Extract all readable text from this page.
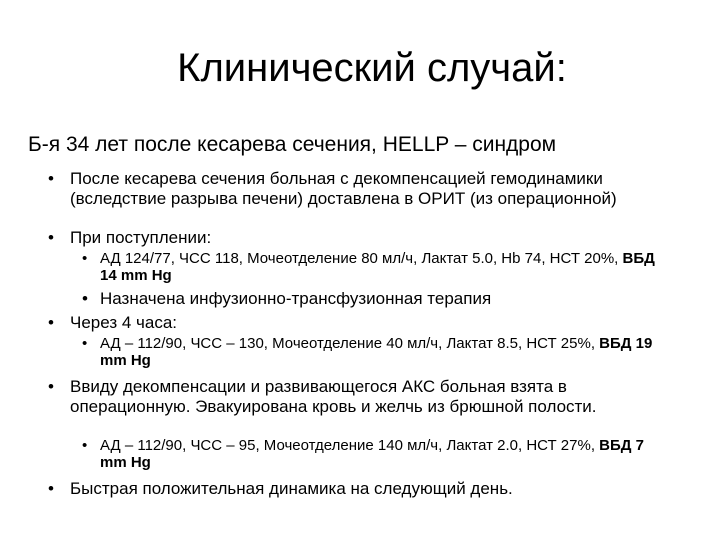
Клинический случай:
Б-я 34 лет после кесарева сечения, HELLP – синдром
• После кесарева сечения больная с декомпенсацией гемодинамики (вследствие разрыва печени) доставлена в ОРИТ (из операционной)
• При поступлении:
• АД 124/77, ЧСС 118, Мочеотделение 80 мл/ч, Лактат 5.0, Hb 74, НСТ 20%, ВБД 14 mm Hg
• Назначена инфузионно-трансфузионная терапия
• Через 4 часа:
• АД – 112/90, ЧСС – 130, Мочеотделение 40 мл/ч, Лактат 8.5, НСТ 25%, ВБД 19 mm Hg
• Ввиду декомпенсации и развивающегося АКС больная взята в операционную. Эвакуирована кровь и желчь из брюшной полости.
• АД – 112/90, ЧСС – 95, Мочеотделение 140 мл/ч, Лактат 2.0, НСТ 27%, ВБД 7 mm Hg
• Быстрая положительная динамика на следующий день.
